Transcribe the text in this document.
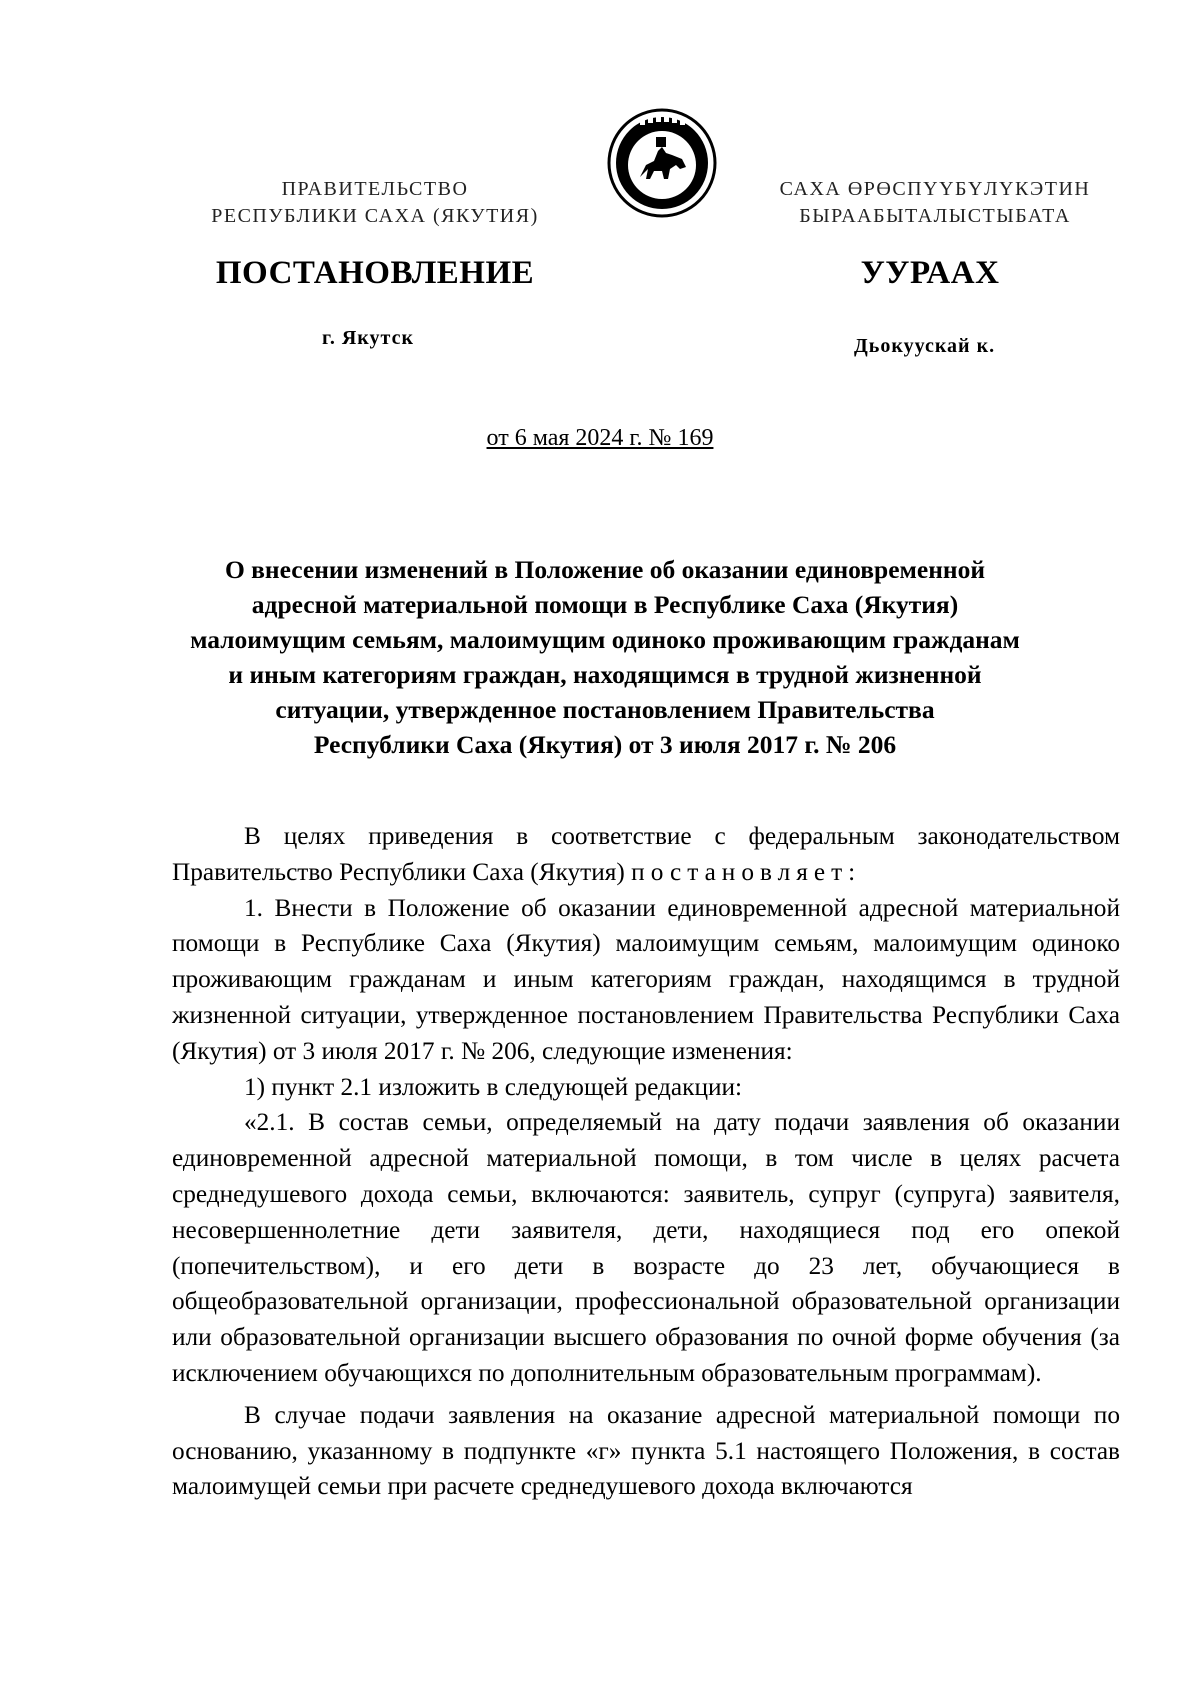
ПРАВИТЕЛЬСТВО
РЕСПУБЛИКИ САХА (ЯКУТИЯ)
САХА ӨРӨСПҮҮБҮЛҮКЭТИН
БЫРААБЫТАЛЫСТЫБАТА
ПОСТАНОВЛЕНИЕ	УУРААХ
г. Якутск	Дьокуускай к.
от 6 мая 2024 г. № 169
О внесении изменений в Положение об оказании единовременной
адресной материальной помощи в Республике Саха (Якутия)
малоимущим семьям, малоимущим одиноко проживающим гражданам
и иным категориям граждан, находящимся в трудной жизненной
ситуации, утвержденное постановлением Правительства
Республики Саха (Якутия) от 3 июля 2017 г. № 206

В целях приведения в соответствие с федеральным законодательством Правительство Республики Саха (Якутия) постановляет:

1. Внести в Положение об оказании единовременной адресной материальной помощи в Республике Саха (Якутия) малоимущим семьям, малоимущим одиноко проживающим гражданам и иным категориям граждан, находящимся в трудной жизненной ситуации, утвержденное постановлением Правительства Республики Саха (Якутия) от 3 июля 2017 г. № 206, следующие изменения:

1) пункт 2.1 изложить в следующей редакции:

«2.1. В состав семьи, определяемый на дату подачи заявления об оказании единовременной адресной материальной помощи, в том числе в целях расчета среднедушевого дохода семьи, включаются: заявитель, супруг (супруга) заявителя, несовершеннолетние дети заявителя, дети, находящиеся под его опекой (попечительством), и его дети в возрасте до 23 лет, обучающиеся в общеобразовательной организации, профессиональной образовательной организации или образовательной организации высшего образования по очной форме обучения (за исключением обучающихся по дополнительным образовательным программам).

В случае подачи заявления на оказание адресной материальной помощи по основанию, указанному в подпункте «г» пункта 5.1 настоящего Положения, в состав малоимущей семьи при расчете среднедушевого дохода включаются
